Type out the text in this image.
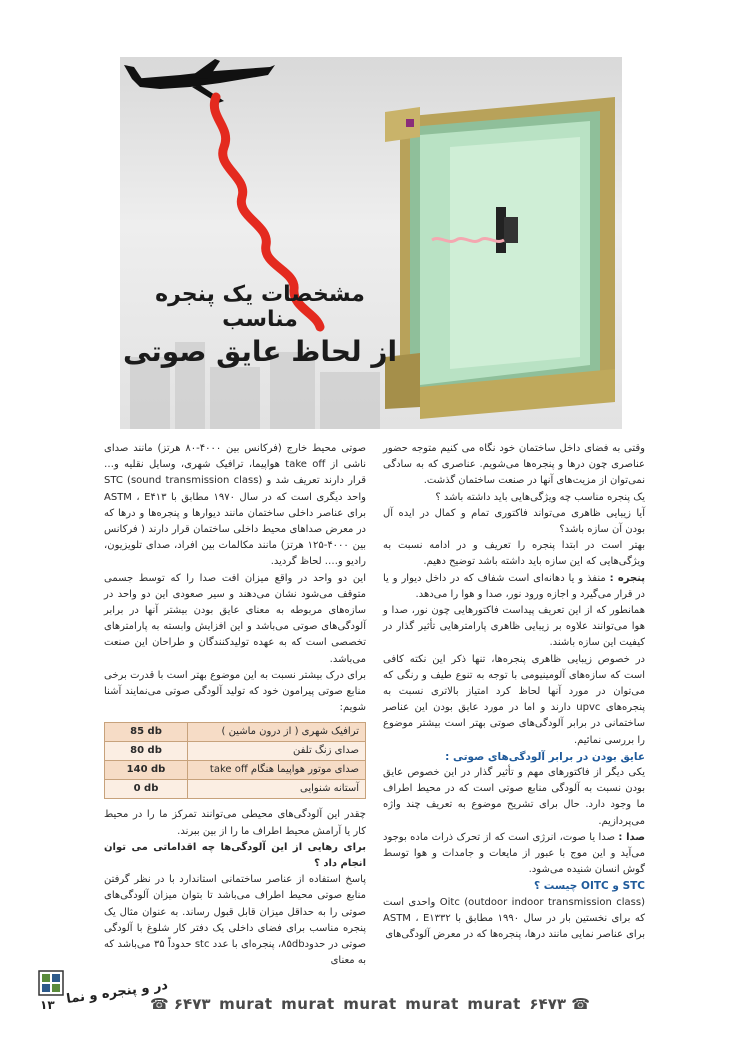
مشخصات یک پنجره مناسب
از لحاظ عایق صوتی

وقتی به فضای داخل ساختمان خود نگاه می کنیم متوجه حضور عناصری چون درها و پنجره‌ها می‌شویم. عناصری که به سادگی نمی‌توان از مزیت‌های آنها در صنعت ساختمان گذشت.

یک پنجره مناسب چه ویژگی‌هایی باید داشته باشد ؟

آیا زیبایی ظاهری می‌تواند فاکتوری تمام و کمال در ایده آل بودن آن سازه باشد؟

بهتر است در ابتدا پنجره را تعریف و در ادامه نسبت به ویژگی‌هایی که این سازه باید داشته باشد توضیح دهیم.

پنجره : منفذ و یا دهانه‌ای است شفاف که در داخل دیوار و یا در قرار می‌گیرد و اجازه ورود نور، صدا و هوا را می‌دهد.

همانطور که از این تعریف پیداست فاکتورهایی چون نور، صدا و هوا می‌توانند علاوه بر زیبایی ظاهری پارامترهایی تأثیر گذار در کیفیت این سازه باشند.

در خصوص زیبایی ظاهری پنجره‌ها، تنها ذکر این نکته کافی است که سازه‌های آلومینیومی با توجه به تنوع طیف و رنگی که می‌توان در مورد آنها لحاظ کرد امتیاز بالاتری نسبت به پنجره‌های upvc دارند و اما در مورد عایق بودن این عناصر ساختمانی در برابر آلودگی‌های صوتی بهتر است بیشتر موضوع را بررسی نمائیم.

عایق بودن در برابر آلودگی‌های صوتی :

یکی دیگر از فاکتورهای مهم و تأثیر گذار در این خصوص عایق بودن نسبت به آلودگی منابع صوتی است که در محیط اطراف ما وجود دارد. حال برای تشریح موضوع به تعریف چند واژه می‌پردازیم.

صدا : صدا یا صوت، انرژی است که از تحرک ذرات ماده بوجود می‌آید و این موج با عبور از مایعات و جامدات و هوا توسط گوش انسان شنیده می‌شود.

STC و OITC چیست ؟

Oitc (outdoor indoor transmission class) واحدی است که برای نخستین بار در سال ۱۹۹۰ مطابق با ASTM ، E۱۳۳۲ برای عناصر نمایی مانند درها، پنجره‌ها که در معرض آلودگی‌های

صوتی محیط خارج (فرکانس بین ۴۰۰۰-۸۰ هرتز) مانند صدای ناشی از take off هواپیما، ترافیک شهری، وسایل نقلیه و… قرار دارند تعریف شد و STC (sound transmission class) واحد دیگری است که در سال ۱۹۷۰ مطابق با ASTM ، E۴۱۳ برای عناصر داخلی ساختمان مانند دیوارها و پنجره‌ها و درها که در معرض صداهای محیط داخلی ساختمان قرار دارند ( فرکانس بین ۴۰۰۰-۱۲۵ هرتز) مانند مکالمات بین افراد، صدای تلویزیون، رادیو و…. لحاظ گردید.

این دو واحد در واقع میزان افت صدا را که توسط جسمی متوقف می‌شود نشان می‌دهند و سیر صعودی این دو واحد در سازه‌های مربوطه به معنای عایق بودن بیشتر آنها در برابر آلودگی‌های صوتی می‌باشد و این افزایش وابسته به پارامترهای تخصصی است که به عهده تولیدکنندگان و طراحان این صنعت می‌باشد.

برای درک بیشتر نسبت به این موضوع بهتر است با قدرت برخی منابع صوتی پیرامون خود که تولید آلودگی صوتی می‌نمایند آشنا شویم:

ترافیک شهری ( از درون ماشین )	85 db
صدای زنگ تلفن	80 db
صدای موتور هواپیما هنگام take off	140 db
آستانه شنوایی	0 db

چقدر این آلودگی‌های محیطی می‌توانند تمرکز ما را در محیط کار یا آرامش محیط اطراف ما را از بین ببرند.

برای رهایی از این آلودگی‌ها چه اقداماتی می توان انجام داد ؟

پاسخ استفاده از عناصر ساختمانی استاندارد با در نظر گرفتن منابع صوتی محیط اطراف می‌باشد تا بتوان میزان آلودگی‌های صوتی را به حداقل میزان قابل قبول رساند. به عنوان مثال یک پنجره مناسب برای فضای داخلی یک دفتر کار شلوغ با آلودگی صوتی در حدود۸۵db، پنجره‌ای با عدد stc حدوداً ۳۵ می‌باشد که به معنای

۱۳ در و پنجره و نما
☎ ۶۴۷۳ murat murat murat murat murat ۶۴۷۳ ☎
